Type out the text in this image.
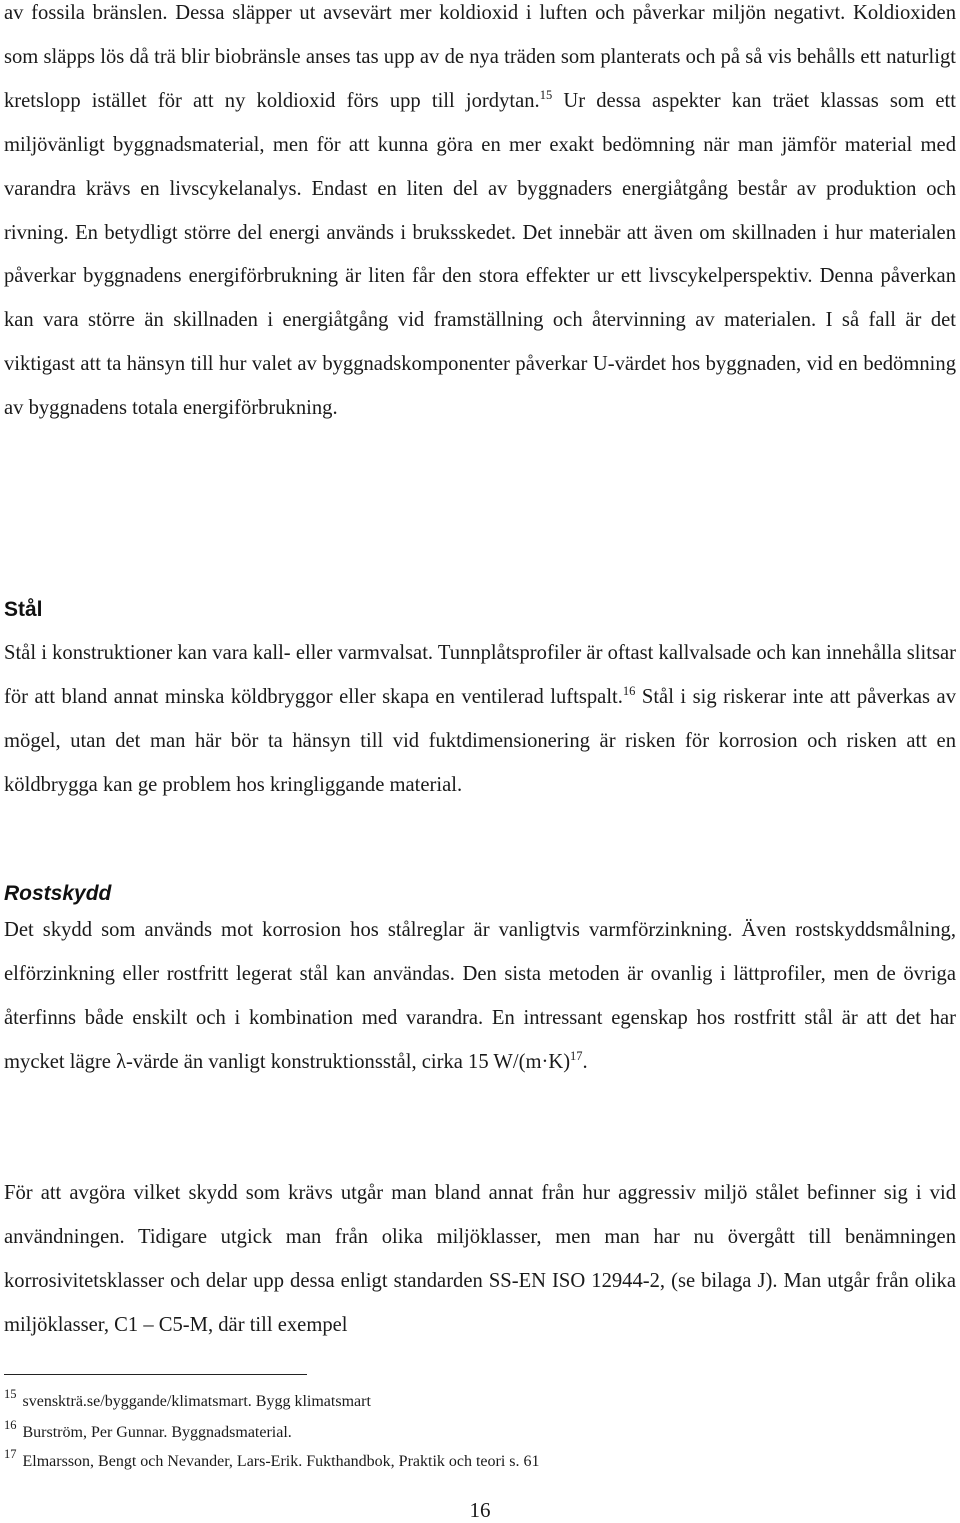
av fossila bränslen. Dessa släpper ut avsevärt mer koldioxid i luften och påverkar miljön negativt. Koldioxiden som släpps lös då trä blir biobränsle anses tas upp av de nya träden som planterats och på så vis behålls ett naturligt kretslopp istället för att ny koldioxid förs upp till jordytan.$^{15}$ Ur dessa aspekter kan träet klassas som ett miljövänligt byggnadsmaterial, men för att kunna göra en mer exakt bedömning när man jämför material med varandra krävs en livscykelanalys. Endast en liten del av byggnaders energiåtgång består av produktion och rivning. En betydligt större del energi används i bruksskedet. Det innebär att även om skillnaden i hur materialen påverkar byggnadens energiförbrukning är liten får den stora effekter ur ett livscykelperspektiv. Denna påverkan kan vara större än skillnaden i energiåtgång vid framställning och återvinning av materialen. I så fall är det viktigast att ta hänsyn till hur valet av byggnadskomponenter påverkar U-värdet hos byggnaden, vid en bedömning av byggnadens totala energiförbrukning.

Stål

Stål i konstruktioner kan vara kall- eller varmvalsat. Tunnplåtsprofiler är oftast kallvalsade och kan innehålla slitsar för att bland annat minska köldbryggor eller skapa en ventilerad luftspalt.$^{16}$ Stål i sig riskerar inte att påverkas av mögel, utan det man här bör ta hänsyn till vid fuktdimensionering är risken för korrosion och risken att en köldbrygga kan ge problem hos kringliggande material.

Rostskydd

Det skydd som används mot korrosion hos stålreglar är vanligtvis varmförzinkning. Även rostskyddsmålning, elförzinkning eller rostfritt legerat stål kan användas. Den sista metoden är ovanlig i lättprofiler, men de övriga återfinns både enskilt och i kombination med varandra. En intressant egenskap hos rostfritt stål är att det har mycket lägre λ-värde än vanligt konstruktionsstål, cirka 15 $W/(m\cdot K)^{17}$.

För att avgöra vilket skydd som krävs utgår man bland annat från hur aggressiv miljö stålet befinner sig i vid användningen. Tidigare utgick man från olika miljöklasser, men man har nu övergått till benämningen korrosivitetsklasser och delar upp dessa enligt standarden SS-EN ISO 12944-2, (se bilaga J). Man utgår från olika miljöklasser, C1 – C5-M, där till exempel

$^{15}$ svenskträ.se/byggande/klimatsmart. Bygg klimatsmart

$^{16}$ Burström, Per Gunnar. Byggnadsmaterial.

$^{17}$ Elmarsson, Bengt och Nevander, Lars-Erik. Fukthandbok, Praktik och teori s. 61

16
